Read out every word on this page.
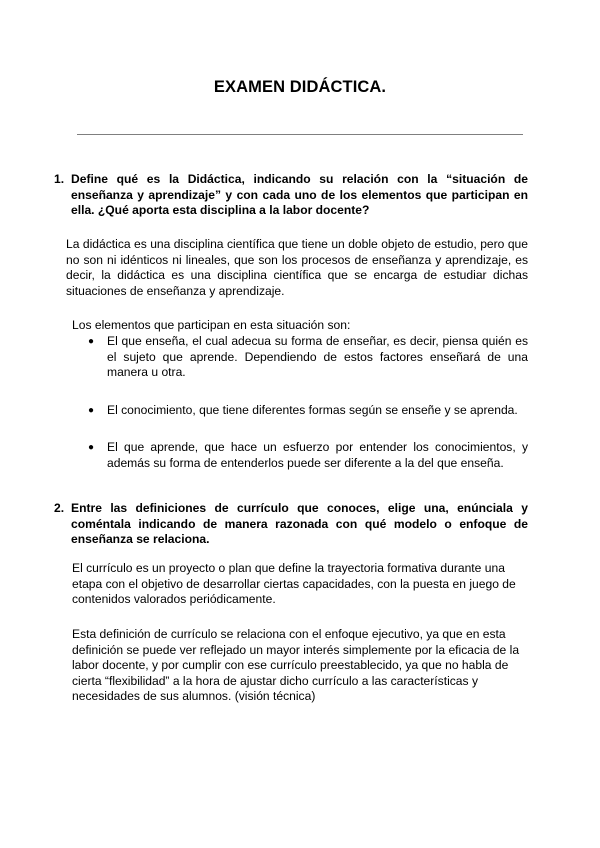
EXAMEN DIDÁCTICA.
1. Define qué es la Didáctica, indicando su relación con la “situación de enseñanza y aprendizaje” y con cada uno de los elementos que participan en ella. ¿Qué aporta esta disciplina a la labor docente?
La didáctica es una disciplina científica que tiene un doble objeto de estudio, pero que no son ni idénticos ni lineales, que son los procesos de enseñanza y aprendizaje, es decir, la didáctica es una disciplina científica que se encarga de estudiar dichas situaciones de enseñanza y aprendizaje.
Los elementos que participan en esta situación son:
● El que enseña, el cual adecua su forma de enseñar, es decir, piensa quién es el sujeto que aprende. Dependiendo de estos factores enseñará de una manera u otra.
● El conocimiento, que tiene diferentes formas según se enseñe y se aprenda.
● El que aprende, que hace un esfuerzo por entender los conocimientos, y además su forma de entenderlos puede ser diferente a la del que enseña.
2. Entre las definiciones de currículo que conoces, elige una, enúnciala y coméntala indicando de manera razonada con qué modelo o enfoque de enseñanza se relaciona.
El currículo es un proyecto o plan que define la trayectoria formativa durante una etapa con el objetivo de desarrollar ciertas capacidades, con la puesta en juego de contenidos valorados periódicamente.
Esta definición de currículo se relaciona con el enfoque ejecutivo, ya que en esta definición se puede ver reflejado un mayor interés simplemente por la eficacia de la labor docente, y por cumplir con ese currículo preestablecido, ya que no habla de cierta “flexibilidad” a la hora de ajustar dicho currículo a las características y necesidades de sus alumnos. (visión técnica)
